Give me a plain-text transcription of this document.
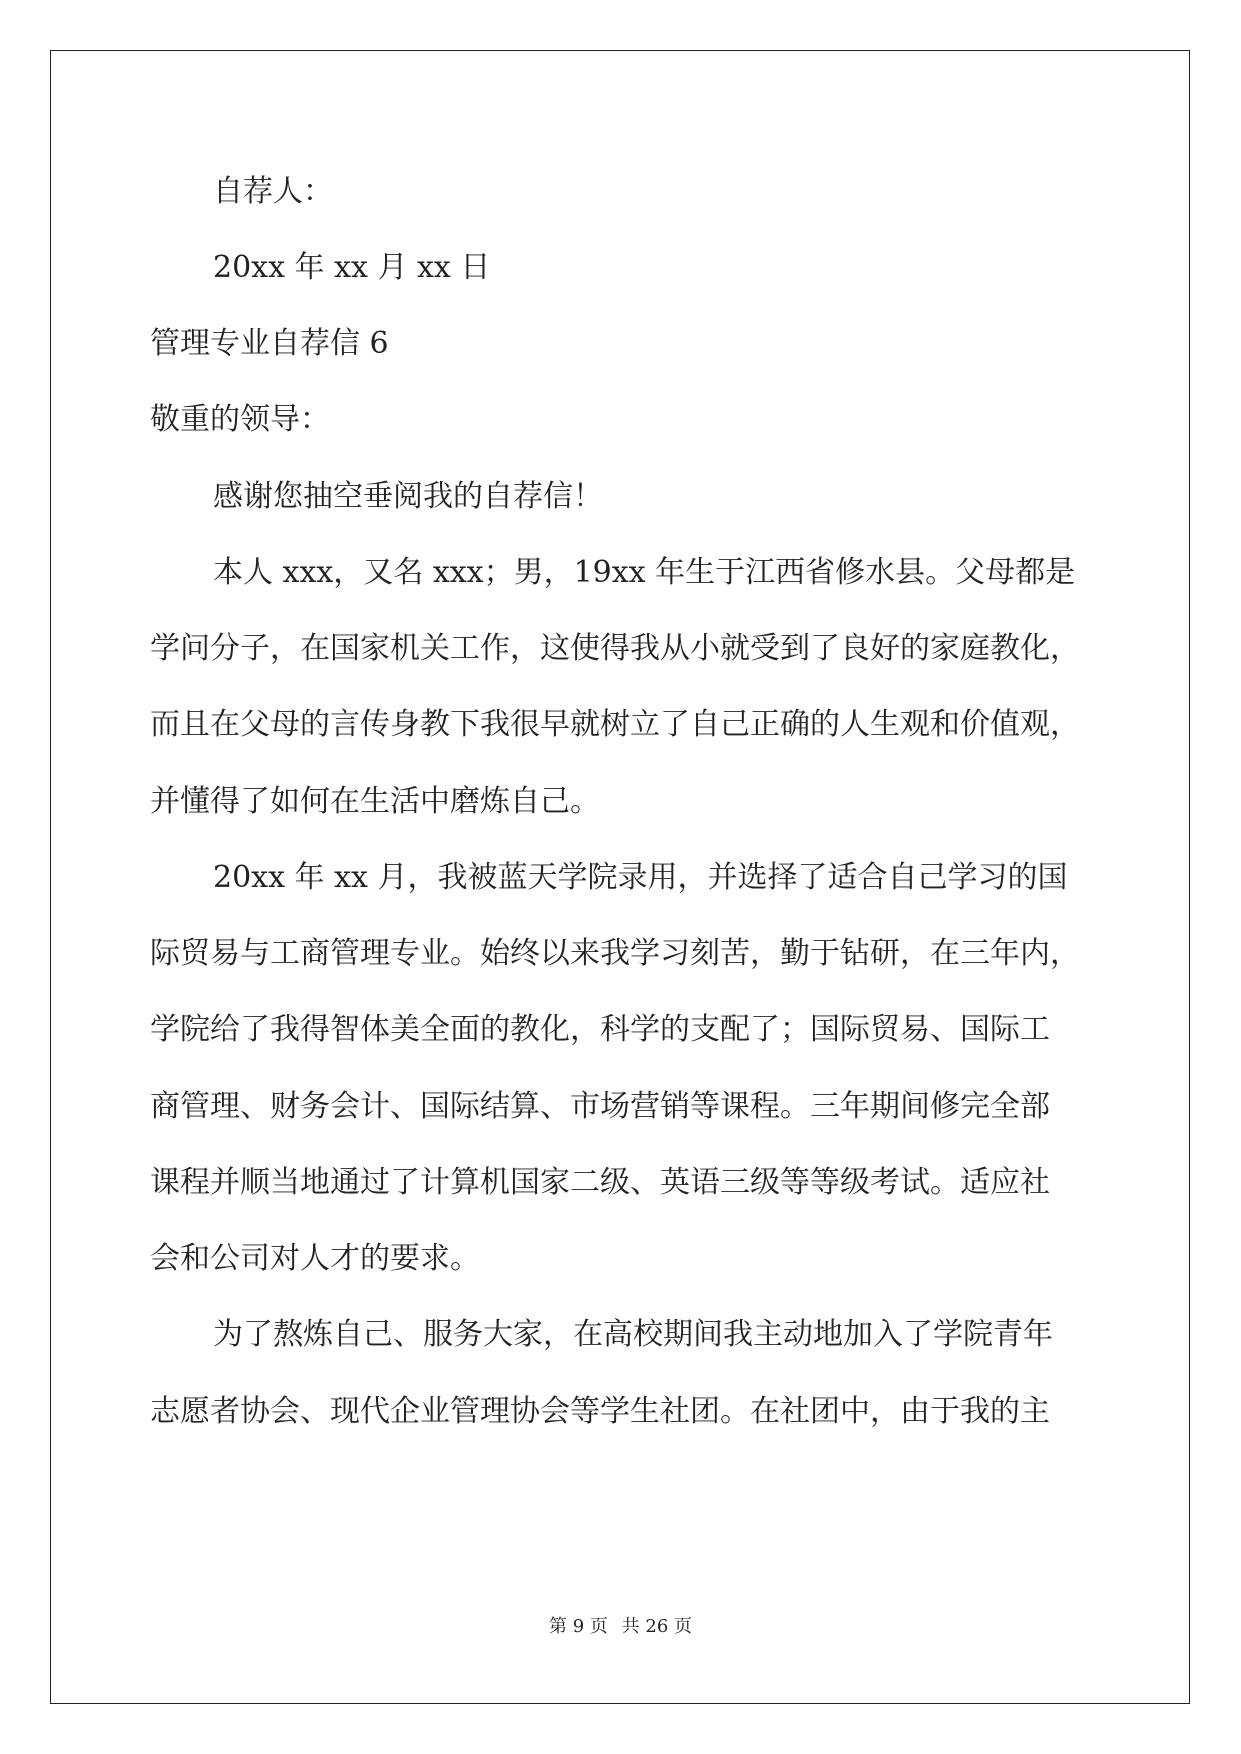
自荐人：
20xx 年 xx 月 xx 日
管理专业自荐信 6
敬重的领导：
感谢您抽空垂阅我的自荐信！
本人 xxx，又名 xxx；男，19xx 年生于江西省修水县。父母都是
学问分子，在国家机关工作，这使得我从小就受到了良好的家庭教化，
而且在父母的言传身教下我很早就树立了自己正确的人生观和价值观，
并懂得了如何在生活中磨炼自己。
20xx 年 xx 月，我被蓝天学院录用，并选择了适合自己学习的国
际贸易与工商管理专业。始终以来我学习刻苦，勤于钻研，在三年内，
学院给了我得智体美全面的教化，科学的支配了；国际贸易、国际工
商管理、财务会计、国际结算、市场营销等课程。三年期间修完全部
课程并顺当地通过了计算机国家二级、英语三级等等级考试。适应社
会和公司对人才的要求。
为了熬炼自己、服务大家，在高校期间我主动地加入了学院青年
志愿者协会、现代企业管理协会等学生社团。在社团中，由于我的主
第 9 页 共 26 页
